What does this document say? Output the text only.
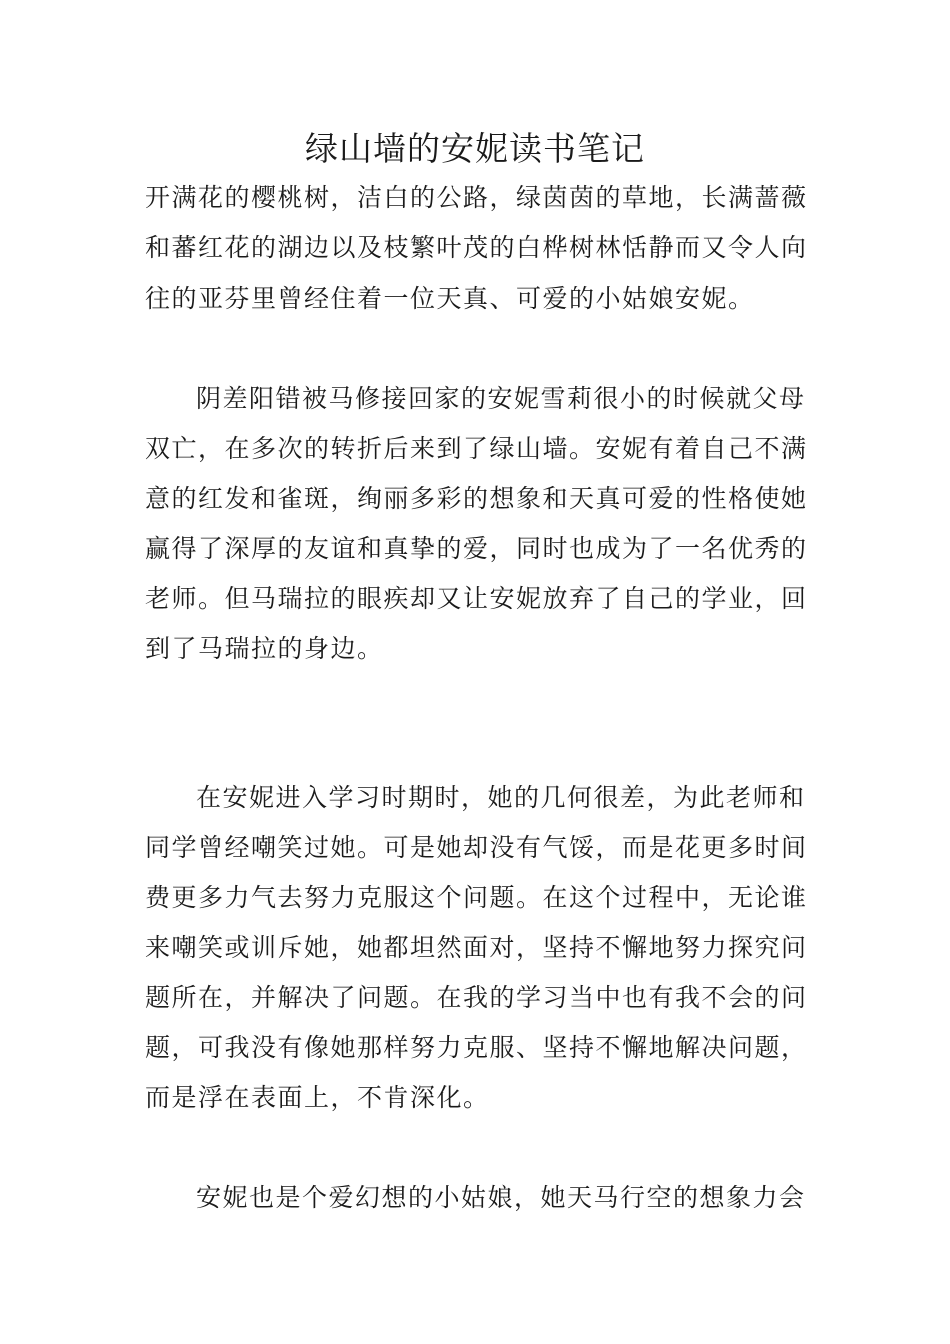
绿山墙的安妮读书笔记
开满花的樱桃树，洁白的公路，绿茵茵的草地，长满蔷薇
和蕃红花的湖边以及枝繁叶茂的白桦树林恬静而又令人向
往的亚芬里曾经住着一位天真、可爱的小姑娘安妮。
阴差阳错被马修接回家的安妮雪莉很小的时候就父母
双亡，在多次的转折后来到了绿山墙。安妮有着自己不满
意的红发和雀斑，绚丽多彩的想象和天真可爱的性格使她
赢得了深厚的友谊和真挚的爱，同时也成为了一名优秀的
老师。但马瑞拉的眼疾却又让安妮放弃了自己的学业，回
到了马瑞拉的身边。
在安妮进入学习时期时，她的几何很差，为此老师和
同学曾经嘲笑过她。可是她却没有气馁，而是花更多时间
费更多力气去努力克服这个问题。在这个过程中，无论谁
来嘲笑或训斥她，她都坦然面对，坚持不懈地努力探究问
题所在，并解决了问题。在我的学习当中也有我不会的问
题，可我没有像她那样努力克服、坚持不懈地解决问题，
而是浮在表面上，不肯深化。
安妮也是个爱幻想的小姑娘，她天马行空的想象力会
